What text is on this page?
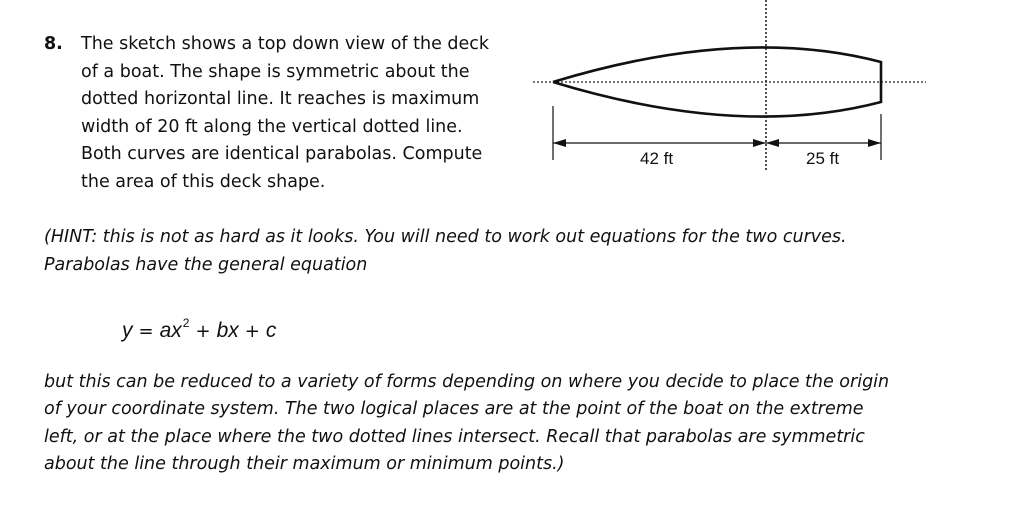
8. The sketch shows a top down view of the deck
of a boat. The shape is symmetric about the
dotted horizontal line. It reaches is maximum
width of 20 ft along the vertical dotted line.
Both curves are identical parabolas. Compute
the area of this deck shape.
42 ft	25 ft
(HINT: this is not as hard as it looks. You will need to work out equations for the two curves.
Parabolas have the general equation
$y = ax^2$ + bx + c
but this can be reduced to a variety of forms depending on where you decide to place the origin
of your coordinate system. The two logical places are at the point of the boat on the extreme
left, or at the place where the two dotted lines intersect. Recall that parabolas are symmetric
about the line through their maximum or minimum points.)
